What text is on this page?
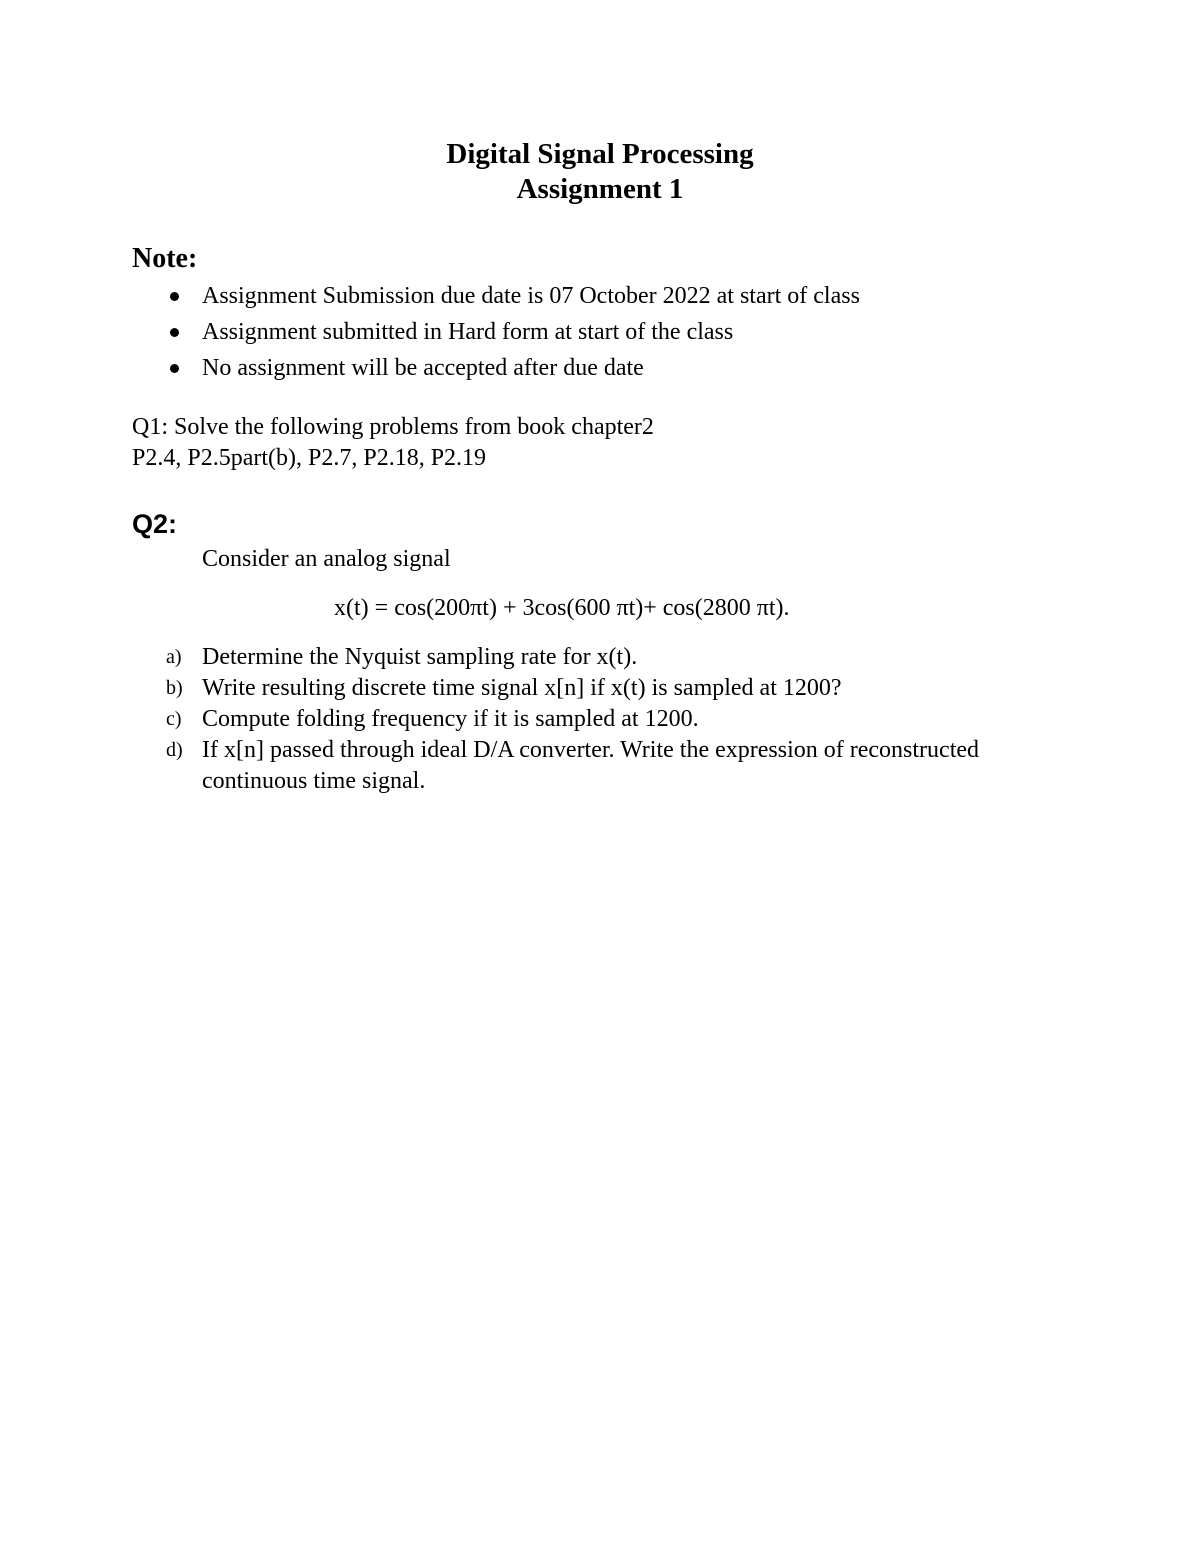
Digital Signal Processing
Assignment 1
Note:
Assignment Submission due date is 07 October 2022 at start of class
Assignment submitted in Hard form at start of the class
No assignment will be accepted after due date
Q1: Solve the following problems from book chapter2
P2.4, P2.5part(b), P2.7, P2.18, P2.19
Q2:
Consider an analog signal
x(t) = cos(200πt) + 3cos(600 πt)+ cos(2800 πt).
a) Determine the Nyquist sampling rate for x(t).
b) Write resulting discrete time signal x[n] if x(t) is sampled at 1200?
c) Compute folding frequency if it is sampled at 1200.
d) If x[n] passed through ideal D/A converter. Write the expression of reconstructed continuous time signal.
